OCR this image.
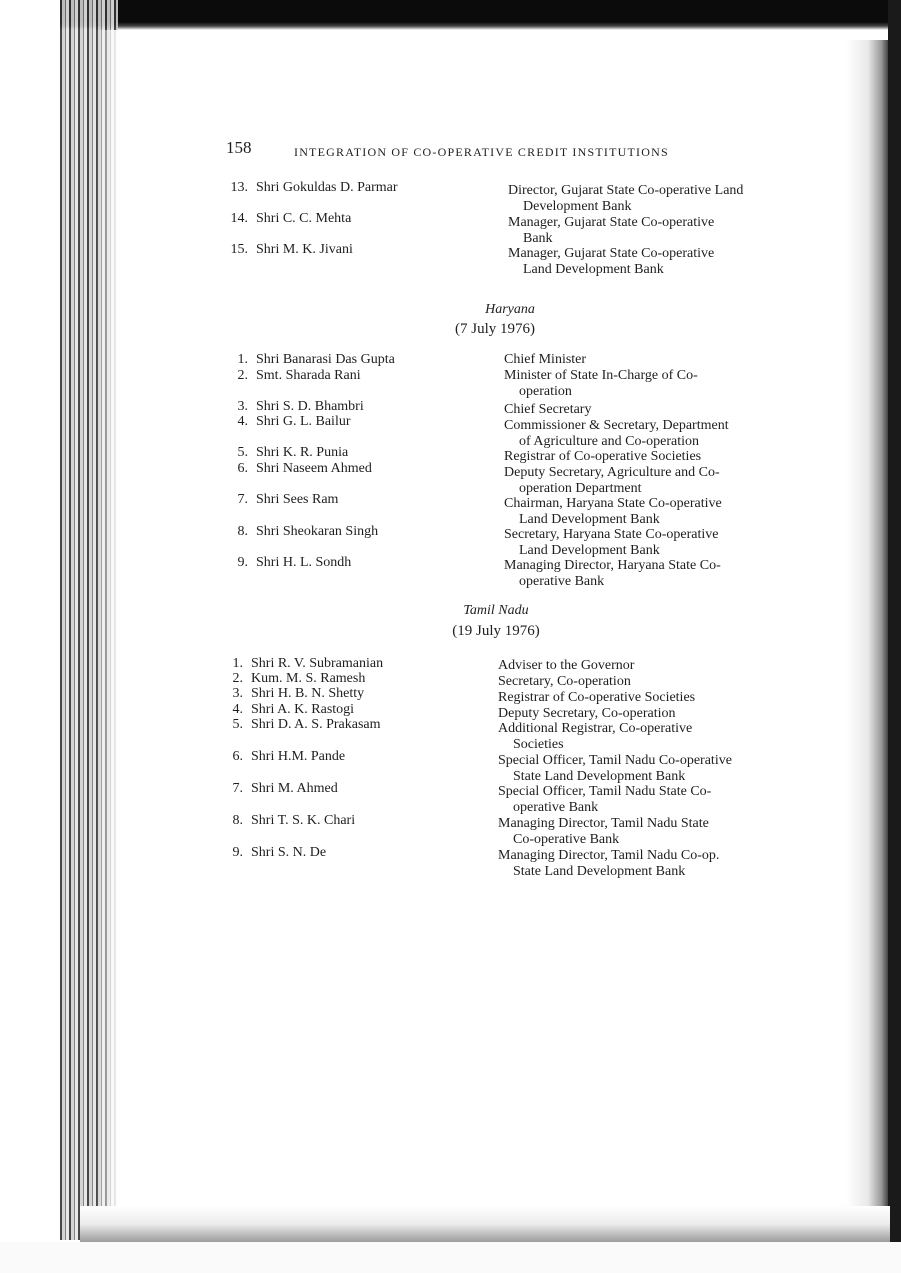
158	INTEGRATION OF CO-OPERATIVE CREDIT INSTITUTIONS
13. Shri Gokuldas D. Parmar	Director, Gujarat State Co-operative Land
Development Bank
14. Shri C. C. Mehta	Manager, Gujarat State Co-operative
Bank
15. Shri M. K. Jivani	Manager, Gujarat State Co-operative
Land Development Bank
Haryana
(7 July 1976)
1. Shri Banarasi Das Gupta	Chief Minister
2. Smt. Sharada Rani	Minister of State In-Charge of Co-
operation
3. Shri S. D. Bhambri	Chief Secretary
4. Shri G. L. Bailur	Commissioner & Secretary, Department
of Agriculture and Co-operation
5. Shri K. R. Punia	Registrar of Co-operative Societies
6. Shri Naseem Ahmed	Deputy Secretary, Agriculture and Co-
operation Department
7. Shri Sees Ram	Chairman, Haryana State Co-operative
Land Development Bank
8. Shri Sheokaran Singh	Secretary, Haryana State Co-operative
Land Development Bank
9. Shri H. L. Sondh	Managing Director, Haryana State Co-
operative Bank
Tamil Nadu
(19 July 1976)
1. Shri R. V. Subramanian	Adviser to the Governor
2. Kum. M. S. Ramesh	Secretary, Co-operation
3. Shri H. B. N. Shetty	Registrar of Co-operative Societies
4. Shri A. K. Rastogi	Deputy Secretary, Co-operation
5. Shri D. A. S. Prakasam	Additional Registrar, Co-operative
Societies
6. Shri H.M. Pande	Special Officer, Tamil Nadu Co-operative
State Land Development Bank
7. Shri M. Ahmed	Special Officer, Tamil Nadu State Co-
operative Bank
8. Shri T. S. K. Chari	Managing Director, Tamil Nadu State
Co-operative Bank
9. Shri S. N. De	Managing Director, Tamil Nadu Co-op.
State Land Development Bank
